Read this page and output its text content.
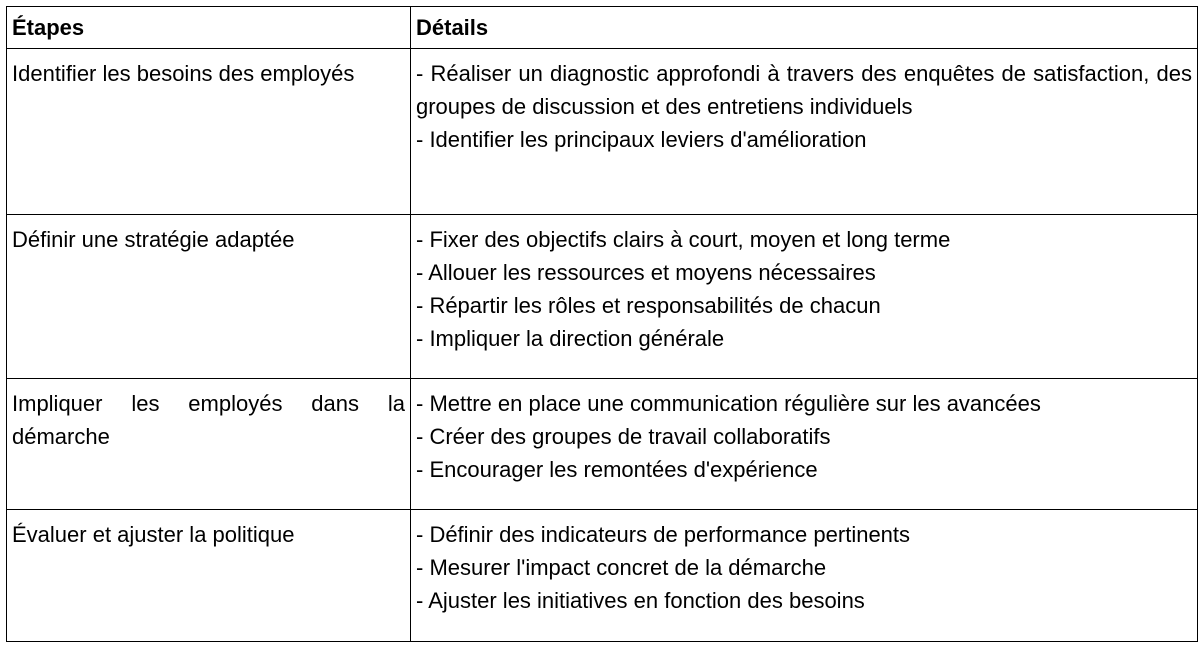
Étapes	Détails
Identifier les besoins des employés	- Réaliser un diagnostic approfondi à travers des enquêtes de satisfaction, des groupes de discussion et des entretiens individuels
- Identifier les principaux leviers d'amélioration

Définir une stratégie adaptée	- Fixer des objectifs clairs à court, moyen et long terme
- Allouer les ressources et moyens nécessaires
- Répartir les rôles et responsabilités de chacun
- Impliquer la direction générale

Impliquer les employés dans la démarche	- Mettre en place une communication régulière sur les avancées
- Créer des groupes de travail collaboratifs
- Encourager les remontées d'expérience

Évaluer et ajuster la politique	- Définir des indicateurs de performance pertinents
- Mesurer l'impact concret de la démarche
- Ajuster les initiatives en fonction des besoins
